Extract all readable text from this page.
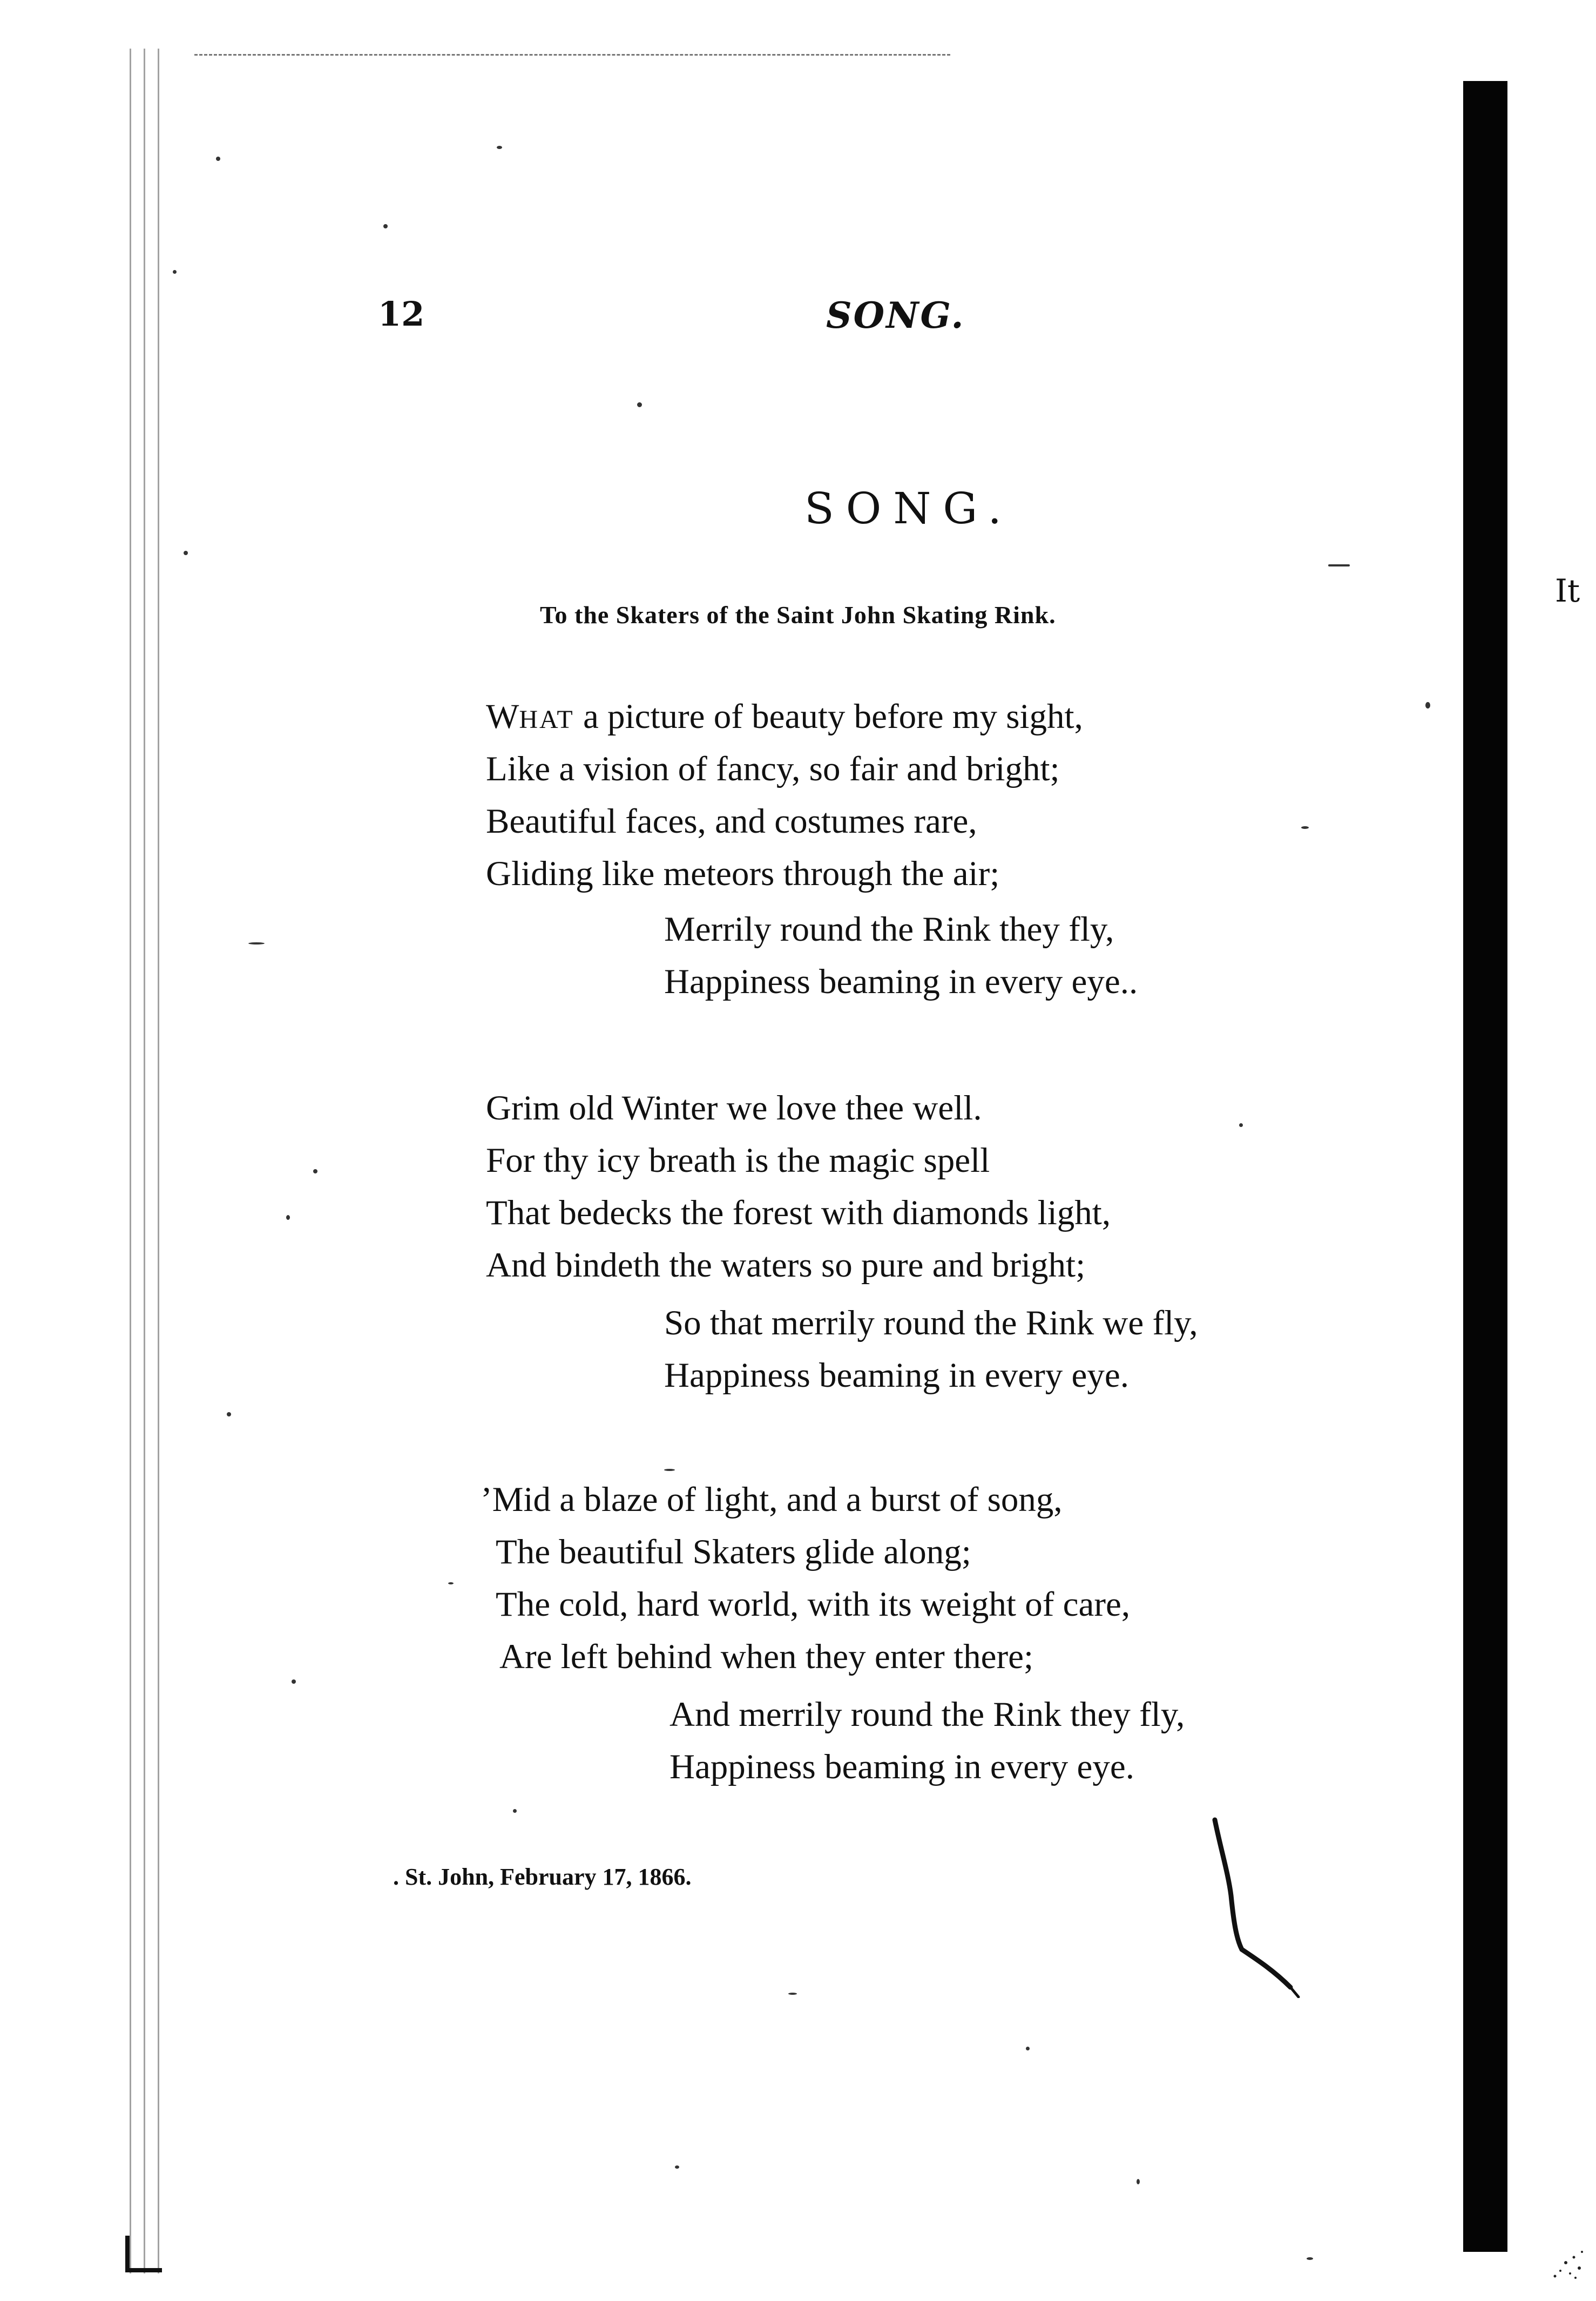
12	SONG.
SONG.
To the Skaters of the Saint John Skating Rink.
It
WHAT a picture of beauty before my sight,
Like a vision of fancy, so fair and bright;
Beautiful faces, and costumes rare,
Gliding like meteors through the air;
Merrily round the Rink they fly,
Happiness beaming in every eye..
Grim old Winter we love thee well.
For thy icy breath is the magic spell
That bedecks the forest with diamonds light,
And bindeth the waters so pure and bright;
So that merrily round the Rink we fly,
Happiness beaming in every eye.
’Mid a blaze of light, and a burst of song,
The beautiful Skaters glide along;
The cold, hard world, with its weight of care,
Are left behind when they enter there;
And merrily round the Rink they fly,
Happiness beaming in every eye.
. St. John, February 17, 1866.
